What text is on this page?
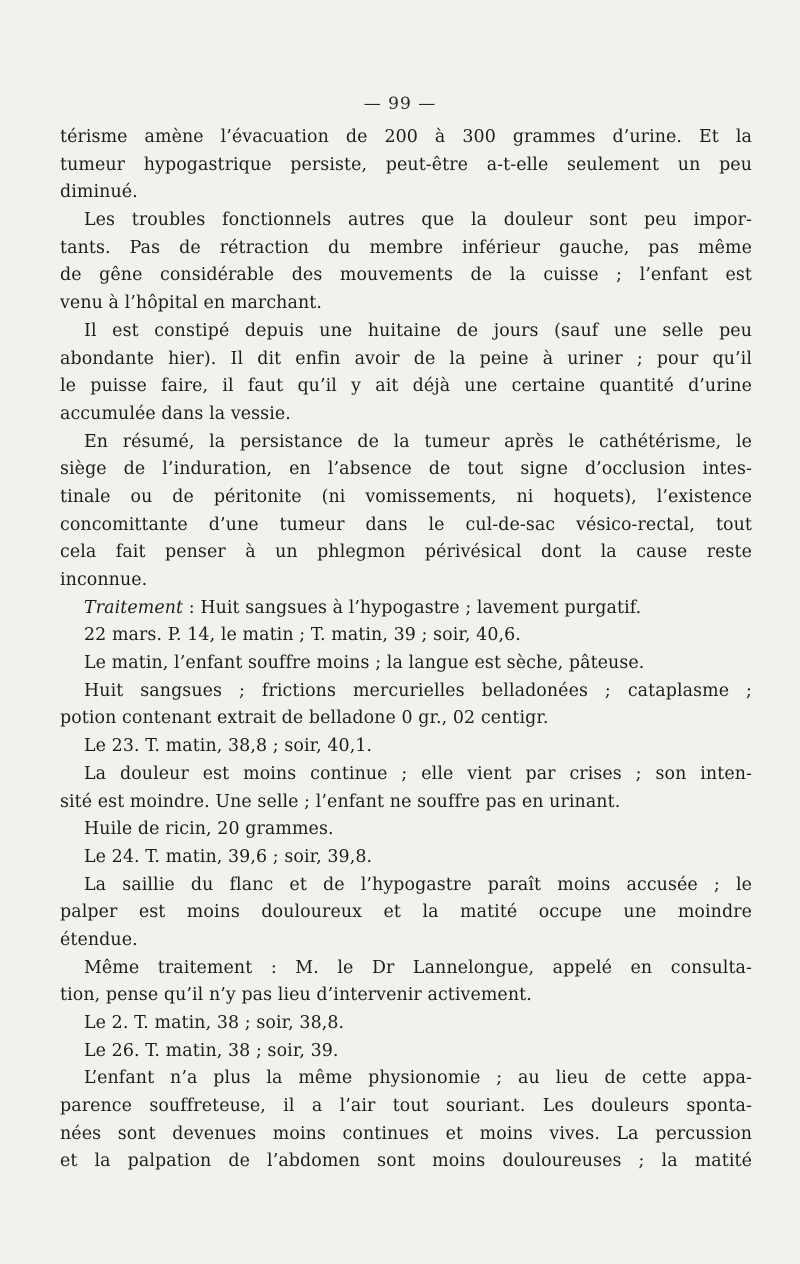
— 99 —
térisme amène l’évacuation de 200 à 300 grammes d’urine. Et la
tumeur hypogastrique persiste, peut-être a-t-elle seulement un peu
diminué.
Les troubles fonctionnels autres que la douleur sont peu impor-
tants. Pas de rétraction du membre inférieur gauche, pas même
de gêne considérable des mouvements de la cuisse ; l’enfant est
venu à l’hôpital en marchant.
Il est constipé depuis une huitaine de jours (sauf une selle peu
abondante hier). Il dit enfin avoir de la peine à uriner ; pour qu’il
le puisse faire, il faut qu’il y ait déjà une certaine quantité d’urine
accumulée dans la vessie.
En résumé, la persistance de la tumeur après le cathétérisme, le
siège de l’induration, en l’absence de tout signe d’occlusion intes-
tinale ou de péritonite (ni vomissements, ni hoquets), l’existence
concomittante d’une tumeur dans le cul-de-sac vésico-rectal, tout
cela fait penser à un phlegmon périvésical dont la cause reste
inconnue.
Traitement : Huit sangsues à l’hypogastre ; lavement purgatif.
22 mars. P. 14, le matin ; T. matin, 39 ; soir, 40,6.
Le matin, l’enfant souffre moins ; la langue est sèche, pâteuse.
Huit sangsues ; frictions mercurielles belladonées ; cataplasme ;
potion contenant extrait de belladone 0 gr., 02 centigr.
Le 23. T. matin, 38,8 ; soir, 40,1.
La douleur est moins continue ; elle vient par crises ; son inten-
sité est moindre. Une selle ; l’enfant ne souffre pas en urinant.
Huile de ricin, 20 grammes.
Le 24. T. matin, 39,6 ; soir, 39,8.
La saillie du flanc et de l’hypogastre paraît moins accusée ; le
palper est moins douloureux et la matité occupe une moindre
étendue.
Même traitement : M. le Dr Lannelongue, appelé en consulta-
tion, pense qu’il n’y pas lieu d’intervenir activement.
Le 2. T. matin, 38 ; soir, 38,8.
Le 26. T. matin, 38 ; soir, 39.
L’enfant n’a plus la même physionomie ; au lieu de cette appa-
parence souffreteuse, il a l’air tout souriant. Les douleurs sponta-
nées sont devenues moins continues et moins vives. La percussion
et la palpation de l’abdomen sont moins douloureuses ; la matité
